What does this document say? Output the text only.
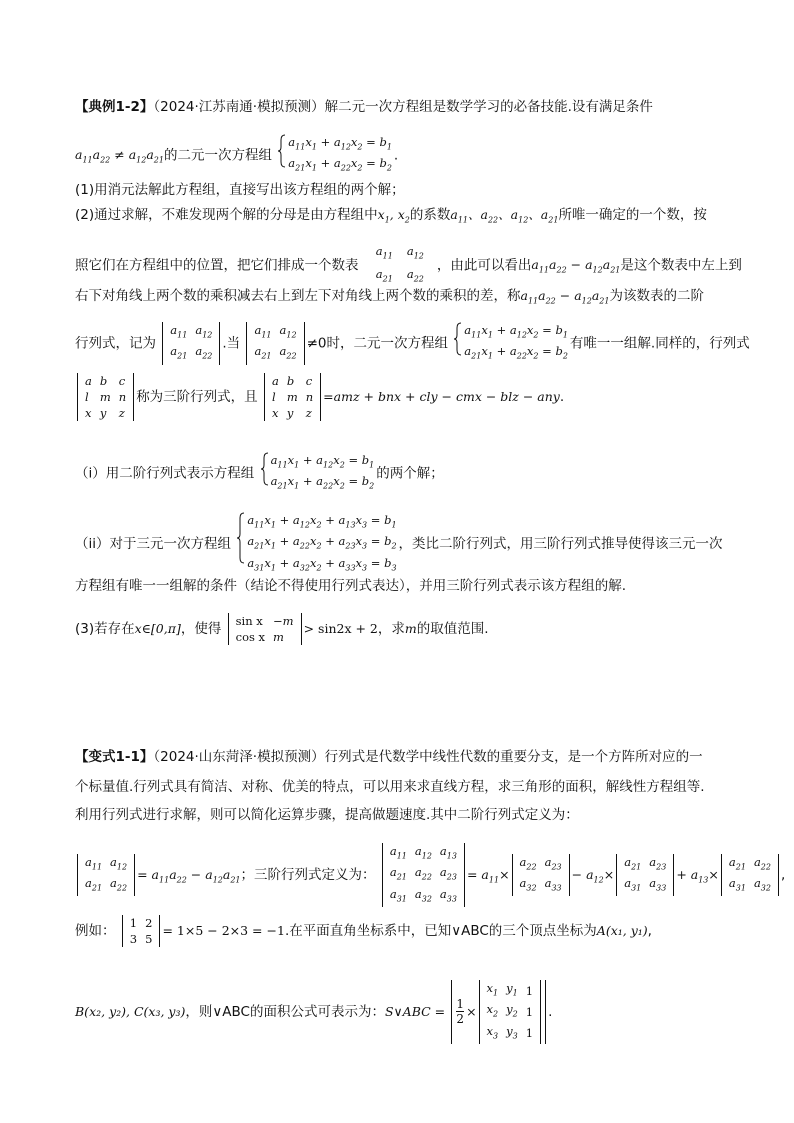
【典例1-2】（2024·江苏南通·模拟预测）解二元一次方程组是数学学习的必备技能.设有满足条件
$a_{11}a_{22} \ne a_{12}a_{21}$的二元一次方程组
$a_{11}x_1 + a_{12}x_2 = b_1$
$a_{21}x_1 + a_{22}x_2 = b_2$
.
(1)用消元法解此方程组，直接写出该方程组的两个解；
(2)通过求解，不难发现两个解的分母是由方程组中$x_1$, $x_2$的系数$a_{11}$、$a_{22}$、$a_{12}$、$a_{21}$所唯一确定的一个数，按
照它们在方程组中的位置，把它们排成一个数表
$a_{11}$	$a_{12}$
$a_{21}$	$a_{22}$
，由此可以看出$a_{11}a_{22} - a_{12}a_{21}$是这个数表中左上到
右下对角线上两个数的乘积减去右上到左下对角线上两个数的乘积的差，称$a_{11}a_{22} - a_{12}a_{21}$为该数表的二阶
行列式，记为
$a_{11}$	$a_{12}$
$a_{21}$	$a_{22}$
.当
$a_{11}$	$a_{12}$
$a_{21}$	$a_{22}$
≠0时，二元一次方程组
$a_{11}x_1 + a_{12}x_2 = b_1$
$a_{21}x_1 + a_{22}x_2 = b_2$
有唯一一组解.同样的，行列式
a	b	c
l	m	n
x	y	z
称为三阶行列式，且
a	b	c
l	m	n
x	y	z
=amz + bnx + cly − cmx − blz − any.
（i）用二阶行列式表示方程组
$a_{11}x_1 + a_{12}x_2 = b_1$
$a_{21}x_1 + a_{22}x_2 = b_2$
的两个解；
（ii）对于三元一次方程组
$a_{11}x_1 + a_{12}x_2 + a_{13}x_3 = b_1$
$a_{21}x_1 + a_{22}x_2 + a_{23}x_3 = b_2$
$a_{31}x_1 + a_{32}x_2 + a_{33}x_3 = b_3$
，类比二阶行列式，用三阶行列式推导使得该三元一次
方程组有唯一一组解的条件（结论不得使用行列式表达），并用三阶行列式表示该方程组的解.
(3)若存在x∈[0,π]，使得 sin x	−m
cos x	m
> sin2x + 2，求m的取值范围.
【变式1-1】（2024·山东菏泽·模拟预测）行列式是代数学中线性代数的重要分支，是一个方阵所对应的一
个标量值.行列式具有简洁、对称、优美的特点，可以用来求直线方程，求三角形的面积，解线性方程组等.
利用行列式进行求解，则可以简化运算步骤，提高做题速度.其中二阶行列式定义为：
$a_{11}$	$a_{12}$
$a_{21}$	$a_{22}$
= $a_{11}a_{22} - a_{12}a_{21}$；三阶行列式定义为：
$a_{11}$	$a_{12}$	$a_{13}$
$a_{21}$	$a_{22}$	$a_{23}$
$a_{31}$	$a_{32}$	$a_{33}$
= $a_{11}\times$
$a_{22}$	$a_{23}$
$a_{32}$	$a_{33}$
− $a_{12}\times$
$a_{21}$	$a_{23}$
$a_{31}$	$a_{33}$
+ $a_{13}\times$
$a_{21}$	$a_{22}$
$a_{31}$	$a_{32}$
,
例如： 1	2
3	5
= 1×5 − 2×3 = −1.在平面直角坐标系中，已知∨ABC的三个顶点坐标为A(x₁, y₁),
B(x₂, y₂), C(x₃, y₃)，则∨ABC的面积公式可表示为：S∨ABC = $\frac{1}{2}$ ×
$x_1$	$y_1$	1
$x_2$	$y_2$	1
$x_3$	$y_3$	1
.
